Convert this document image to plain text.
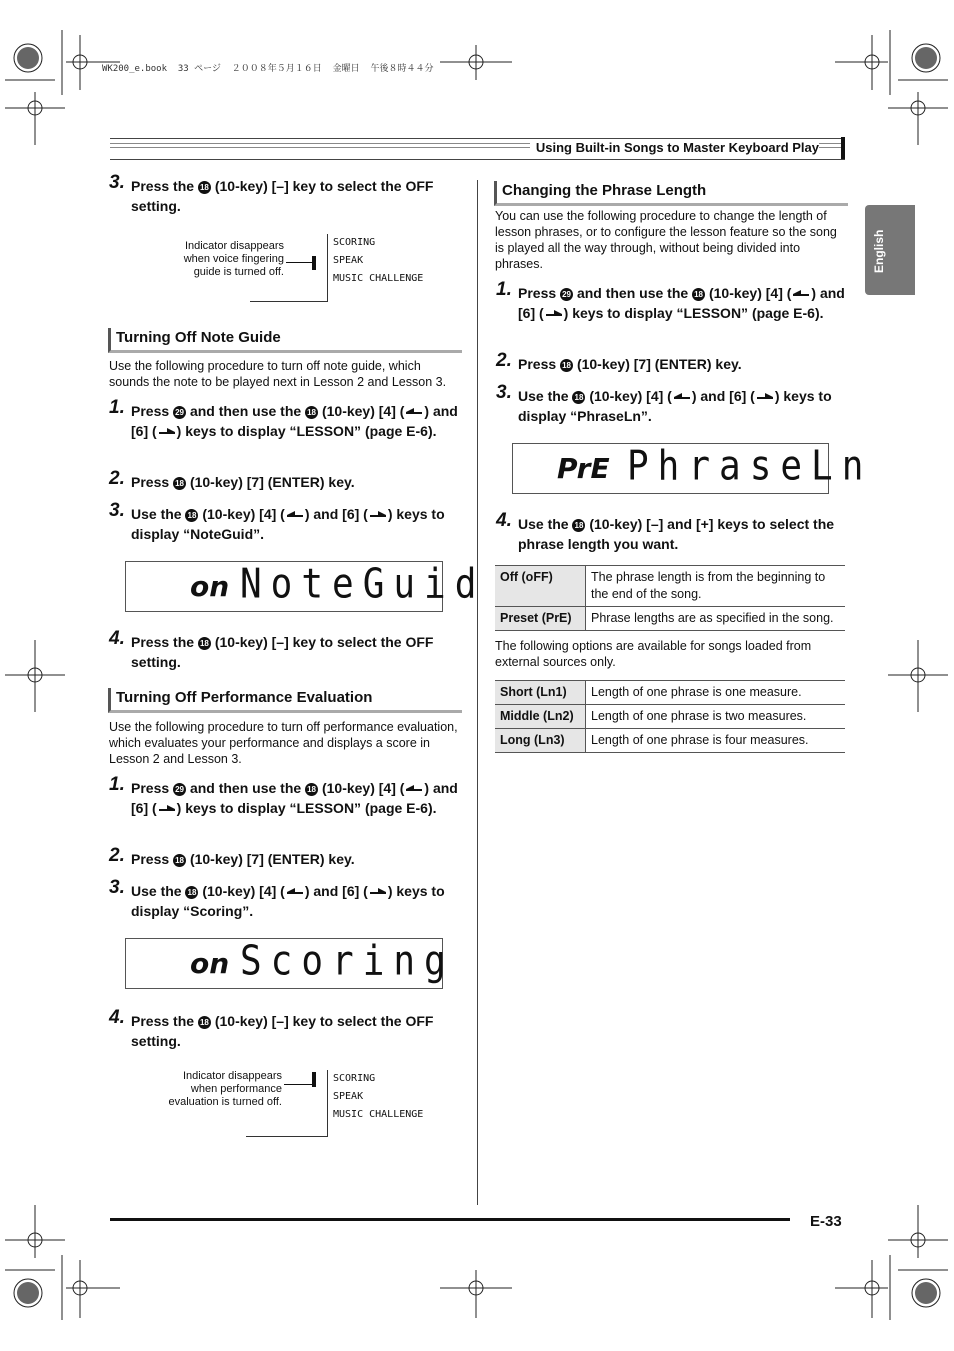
WK200_e.book  33 ページ  ２００８年５月１６日  金曜日  午後８時４４分
Using Built-in Songs to Master Keyboard Play
English
3. Press the 18 (10-key) [–] key to select the OFF setting.
Indicator disappears when voice fingering guide is turned off.
SCORING
SPEAK
MUSIC CHALLENGE
Turning Off Note Guide
Use the following procedure to turn off note guide, which sounds the note to be played next in Lesson 2 and Lesson 3.
1. Press 29 and then use the 18 (10-key) [4] ( ) and [6] ( ) keys to display “LESSON” (page E-6).
2. Press 18 (10-key) [7] (ENTER) key.
3. Use the 18 (10-key) [4] ( ) and [6] ( ) keys to display “NoteGuid”.
on NoteGuid
4. Press the 18 (10-key) [–] key to select the OFF setting.
Turning Off Performance Evaluation
Use the following procedure to turn off performance evaluation, which evaluates your performance and displays a score in Lesson 2 and Lesson 3.
1. Press 29 and then use the 18 (10-key) [4] ( ) and [6] ( ) keys to display “LESSON” (page E-6).
2. Press 18 (10-key) [7] (ENTER) key.
3. Use the 18 (10-key) [4] ( ) and [6] ( ) keys to display “Scoring”.
on Scoring
4. Press the 18 (10-key) [–] key to select the OFF setting.
Indicator disappears when performance evaluation is turned off.
SCORING
SPEAK
MUSIC CHALLENGE
Changing the Phrase Length
You can use the following procedure to change the length of lesson phrases, or to configure the lesson feature so the song is played all the way through, without being divided into phrases.
1. Press 29 and then use the 18 (10-key) [4] ( ) and [6] ( ) keys to display “LESSON” (page E-6).
2. Press 18 (10-key) [7] (ENTER) key.
3. Use the 18 (10-key) [4] ( ) and [6] ( ) keys to display “PhraseLn”.
PrE PhraseLn
4. Use the 18 (10-key) [–] and [+] keys to select the phrase length you want.
Off (oFF)	The phrase length is from the beginning to the end of the song.
Preset (PrE)	Phrase lengths are as specified in the song.
The following options are available for songs loaded from external sources only.
Short (Ln1)	Length of one phrase is one measure.
Middle (Ln2)	Length of one phrase is two measures.
Long (Ln3)	Length of one phrase is four measures.
E-33
